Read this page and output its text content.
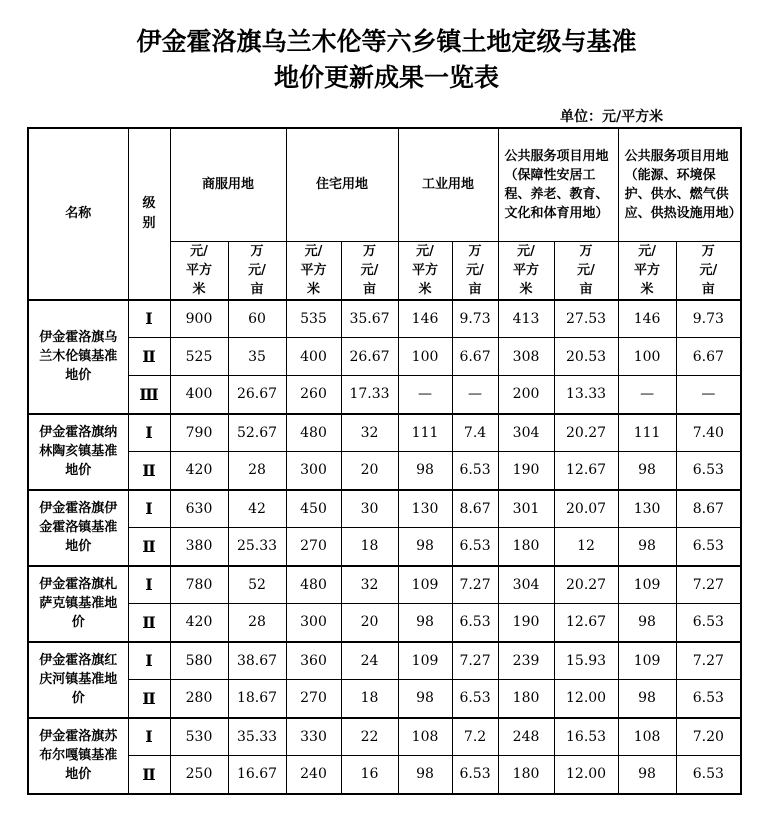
伊金霍洛旗乌兰木伦等六乡镇土地定级与基准
地价更新成果一览表
单位：元/平方米
名称	级别	商服用地		住宅用地		工业用地		公共服务项目用地（保障性安居工程、养老、教育、文化和体育用地）		公共服务项目用地（能源、环境保护、供水、燃气供应、供热设施用地）	

		元/平方米	万元/亩	元/平方米	万元/亩	元/平方米	万元/亩	元/平方米	万元/亩	元/平方米	万元/亩

伊金霍洛旗乌兰木伦镇基准地价	Ⅰ	900	60	535	35.67	146	9.73	413	27.53	146	9.73
	Ⅱ	525	35	400	26.67	100	6.67	308	20.53	100	6.67
	Ⅲ	400	26.67	260	17.33	—	—	200	13.33	—	—

伊金霍洛旗纳林陶亥镇基准地价	Ⅰ	790	52.67	480	32	111	7.4	304	20.27	111	7.40
	Ⅱ	420	28	300	20	98	6.53	190	12.67	98	6.53

伊金霍洛旗伊金霍洛镇基准地价	Ⅰ	630	42	450	30	130	8.67	301	20.07	130	8.67
	Ⅱ	380	25.33	270	18	98	6.53	180	12	98	6.53

伊金霍洛旗札萨克镇基准地价	Ⅰ	780	52	480	32	109	7.27	304	20.27	109	7.27
	Ⅱ	420	28	300	20	98	6.53	190	12.67	98	6.53

伊金霍洛旗红庆河镇基准地价	Ⅰ	580	38.67	360	24	109	7.27	239	15.93	109	7.27
	Ⅱ	280	18.67	270	18	98	6.53	180	12.00	98	6.53

伊金霍洛旗苏布尔嘎镇基准地价	Ⅰ	530	35.33	330	22	108	7.2	248	16.53	108	7.20
	Ⅱ	250	16.67	240	16	98	6.53	180	12.00	98	6.53
